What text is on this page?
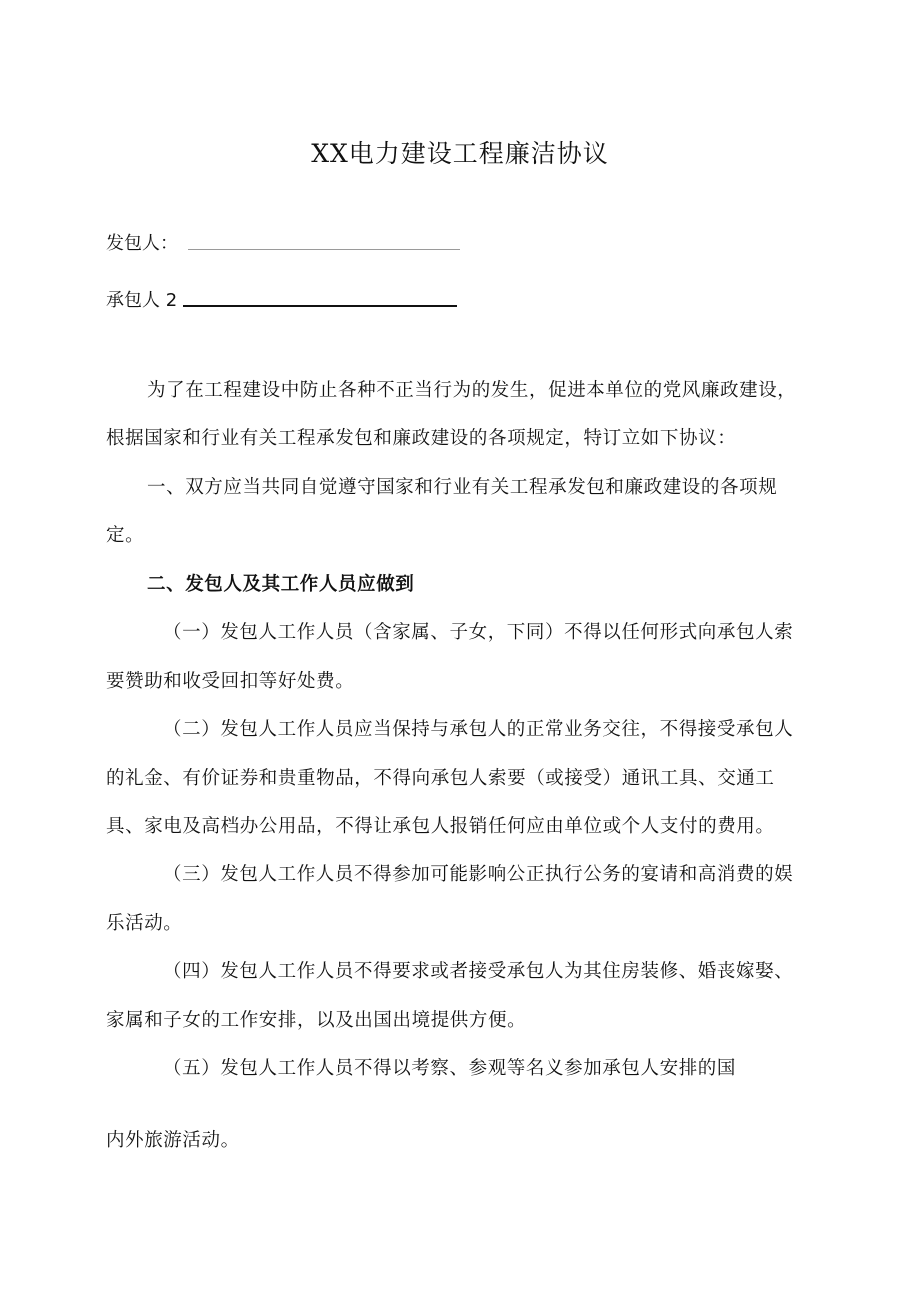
XX电力建设工程廉洁协议
发包人：
承包人 2
为了在工程建设中防止各种不正当行为的发生，促进本单位的党风廉政建设，
根据国家和行业有关工程承发包和廉政建设的各项规定，特订立如下协议：
一、双方应当共同自觉遵守国家和行业有关工程承发包和廉政建设的各项规
定。
二、发包人及其工作人员应做到
（一）发包人工作人员（含家属、子女，下同）不得以任何形式向承包人索
要赞助和收受回扣等好处费。
（二）发包人工作人员应当保持与承包人的正常业务交往，不得接受承包人
的礼金、有价证券和贵重物品，不得向承包人索要（或接受）通讯工具、交通工
具、家电及高档办公用品，不得让承包人报销任何应由单位或个人支付的费用。
（三）发包人工作人员不得参加可能影响公正执行公务的宴请和高消费的娱
乐活动。
（四）发包人工作人员不得要求或者接受承包人为其住房装修、婚丧嫁娶、
家属和子女的工作安排，以及出国出境提供方便。
（五）发包人工作人员不得以考察、参观等名义参加承包人安排的国
内外旅游活动。
